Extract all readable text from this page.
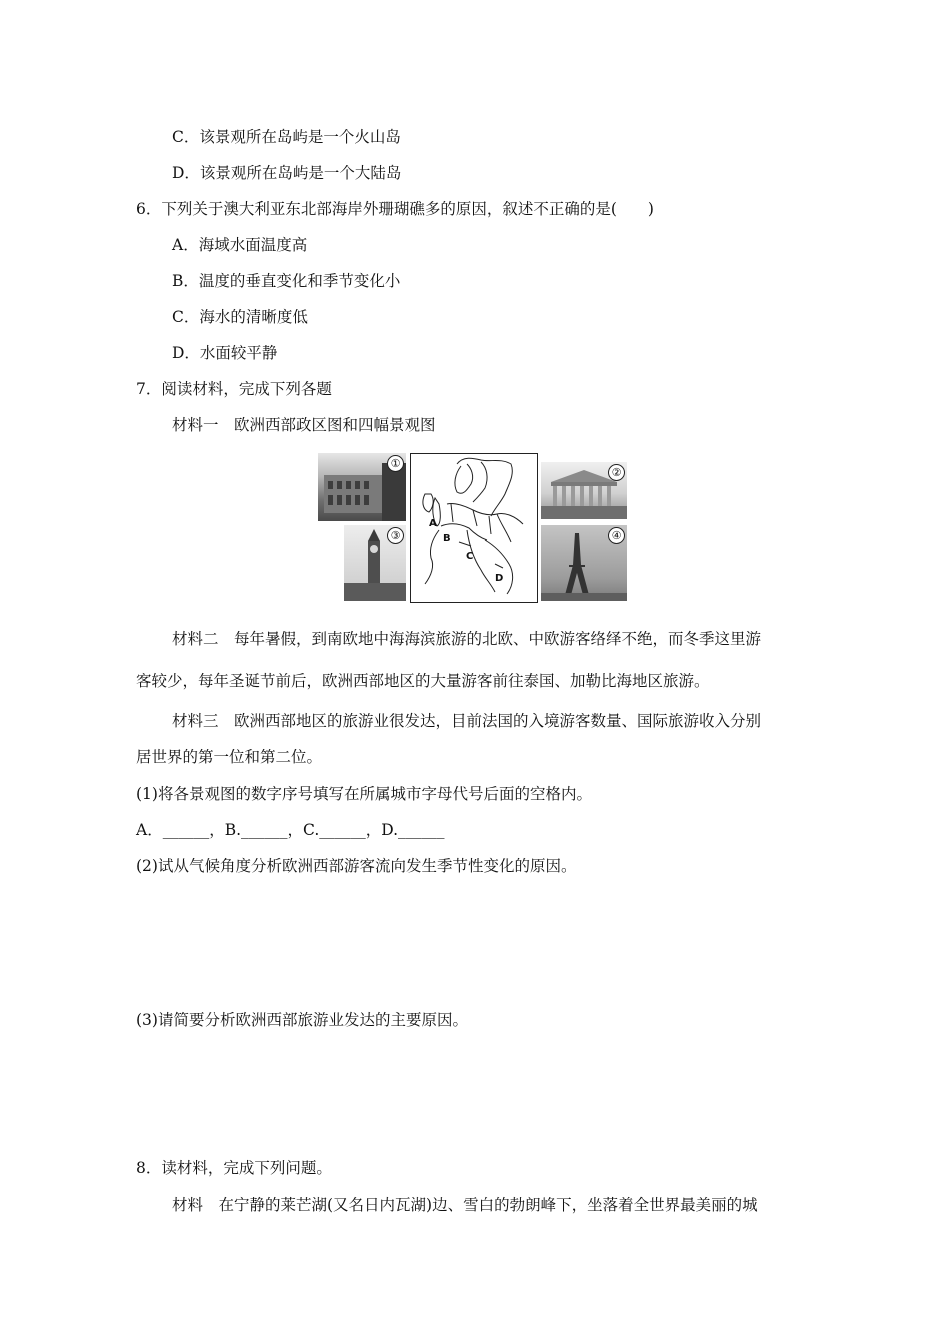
C．该景观所在岛屿是一个火山岛
D．该景观所在岛屿是一个大陆岛
6．下列关于澳大利亚东北部海岸外珊瑚礁多的原因，叙述不正确的是(　　)
A．海域水面温度高
B．温度的垂直变化和季节变化小
C．海水的清晰度低
D．水面较平静
7．阅读材料，完成下列各题
材料一　欧洲西部政区图和四幅景观图
①
③
A
B
C
D
②
④
材料二　每年暑假，到南欧地中海海滨旅游的北欧、中欧游客络绎不绝，而冬季这里游
客较少，每年圣诞节前后，欧洲西部地区的大量游客前往泰国、加勒比海地区旅游。
材料三　欧洲西部地区的旅游业很发达，目前法国的入境游客数量、国际旅游收入分别
居世界的第一位和第二位。
(1)将各景观图的数字序号填写在所属城市字母代号后面的空格内。
A．______，B.______，C.______，D.______
(2)试从气候角度分析欧洲西部游客流向发生季节性变化的原因。
(3)请简要分析欧洲西部旅游业发达的主要原因。
8．读材料，完成下列问题。
材料　在宁静的莱芒湖(又名日内瓦湖)边、雪白的勃朗峰下，坐落着全世界最美丽的城
